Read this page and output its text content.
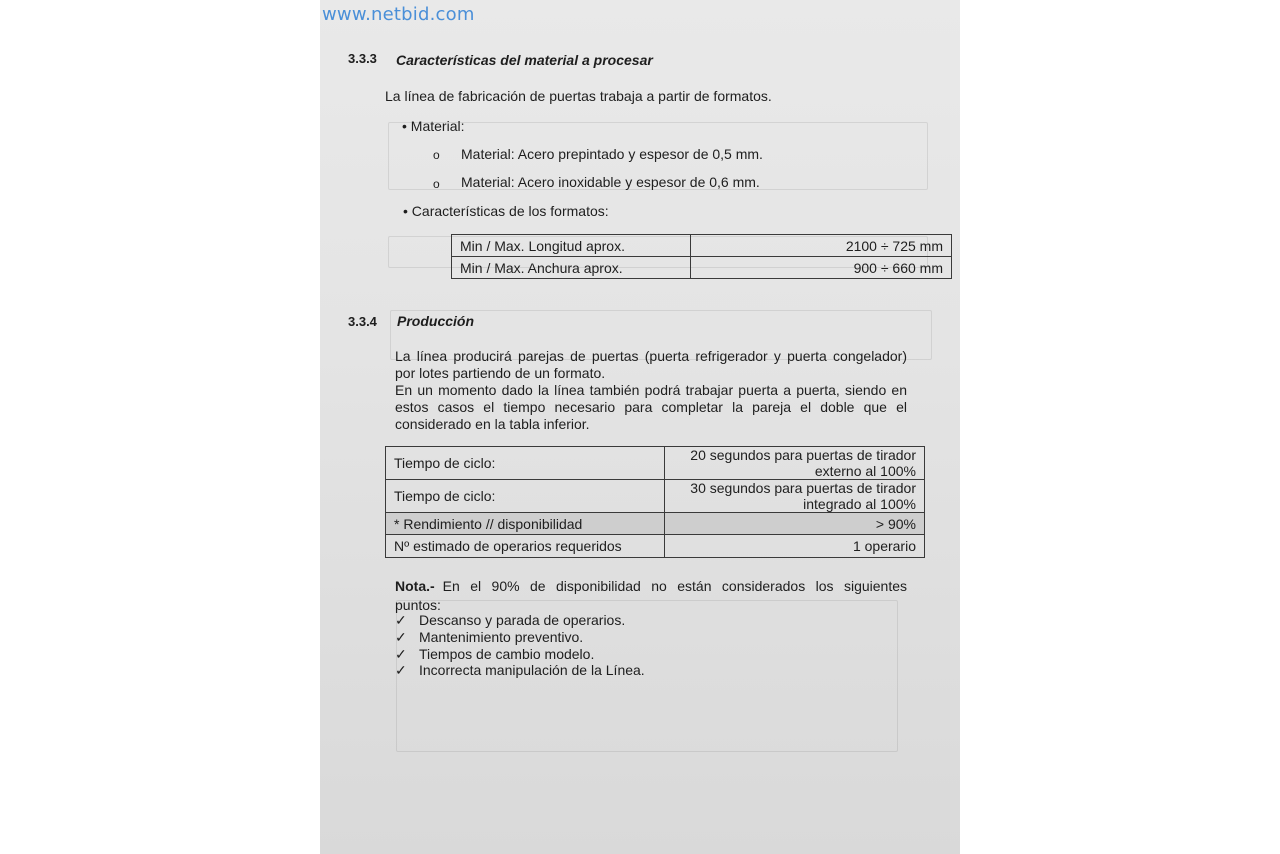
www.netbid.com
3.3.3 Características del material a procesar
La línea de fabricación de puertas trabaja a partir de formatos.
• Material:
o Material: Acero prepintado y espesor de 0,5 mm.
o Material: Acero inoxidable y espesor de 0,6 mm.
• Características de los formatos:
Min / Max. Longitud aprox.	2100 ÷ 725 mm
Min / Max. Anchura aprox.	900 ÷ 660 mm
3.3.4 Producción
La línea producirá parejas de puertas (puerta refrigerador y puerta congelador)
por lotes partiendo de un formato.
En un momento dado la línea también podrá trabajar puerta a puerta, siendo en
estos casos el tiempo necesario para completar la pareja el doble que el
considerado en la tabla inferior.
Tiempo de ciclo:	20 segundos para puertas de tirador
externo al 100%

Tiempo de ciclo:	30 segundos para puertas de tirador
integrado al 100%

* Rendimiento // disponibilidad	> 90%
Nº estimado de operarios requeridos	1 operario
Nota.- En el 90% de disponibilidad no están considerados los siguientes
puntos:
✓ Descanso y parada de operarios.
✓ Mantenimiento preventivo.
✓ Tiempos de cambio modelo.
✓ Incorrecta manipulación de la Línea.
